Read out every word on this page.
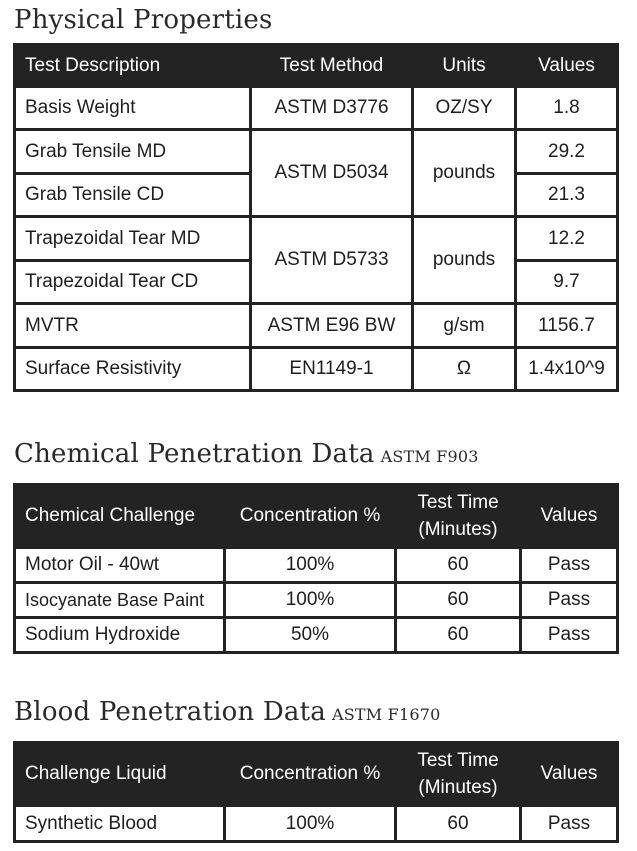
Physical Properties
Test Description	Test Method	Units	Values
Basis Weight	ASTM D3776	OZ/SY	1.8
Grab Tensile MD	ASTM D5034	pounds	29.2
Grab Tensile CD			21.3
Trapezoidal Tear MD	ASTM D5733	pounds	12.2
Trapezoidal Tear CD			9.7
MVTR	ASTM E96 BW	g/sm	1156.7
Surface Resistivity	EN1149-1	Ω	1.4x10^9
Chemical Penetration Data ASTM F903
Chemical Challenge	Concentration %	Test Time (Minutes)	Values
Motor Oil - 40wt	100%	60	Pass
Isocyanate Base Paint	100%	60	Pass
Sodium Hydroxide	50%	60	Pass
Blood Penetration Data ASTM F1670
Challenge Liquid	Concentration %	Test Time (Minutes)	Values
Synthetic Blood	100%	60	Pass
